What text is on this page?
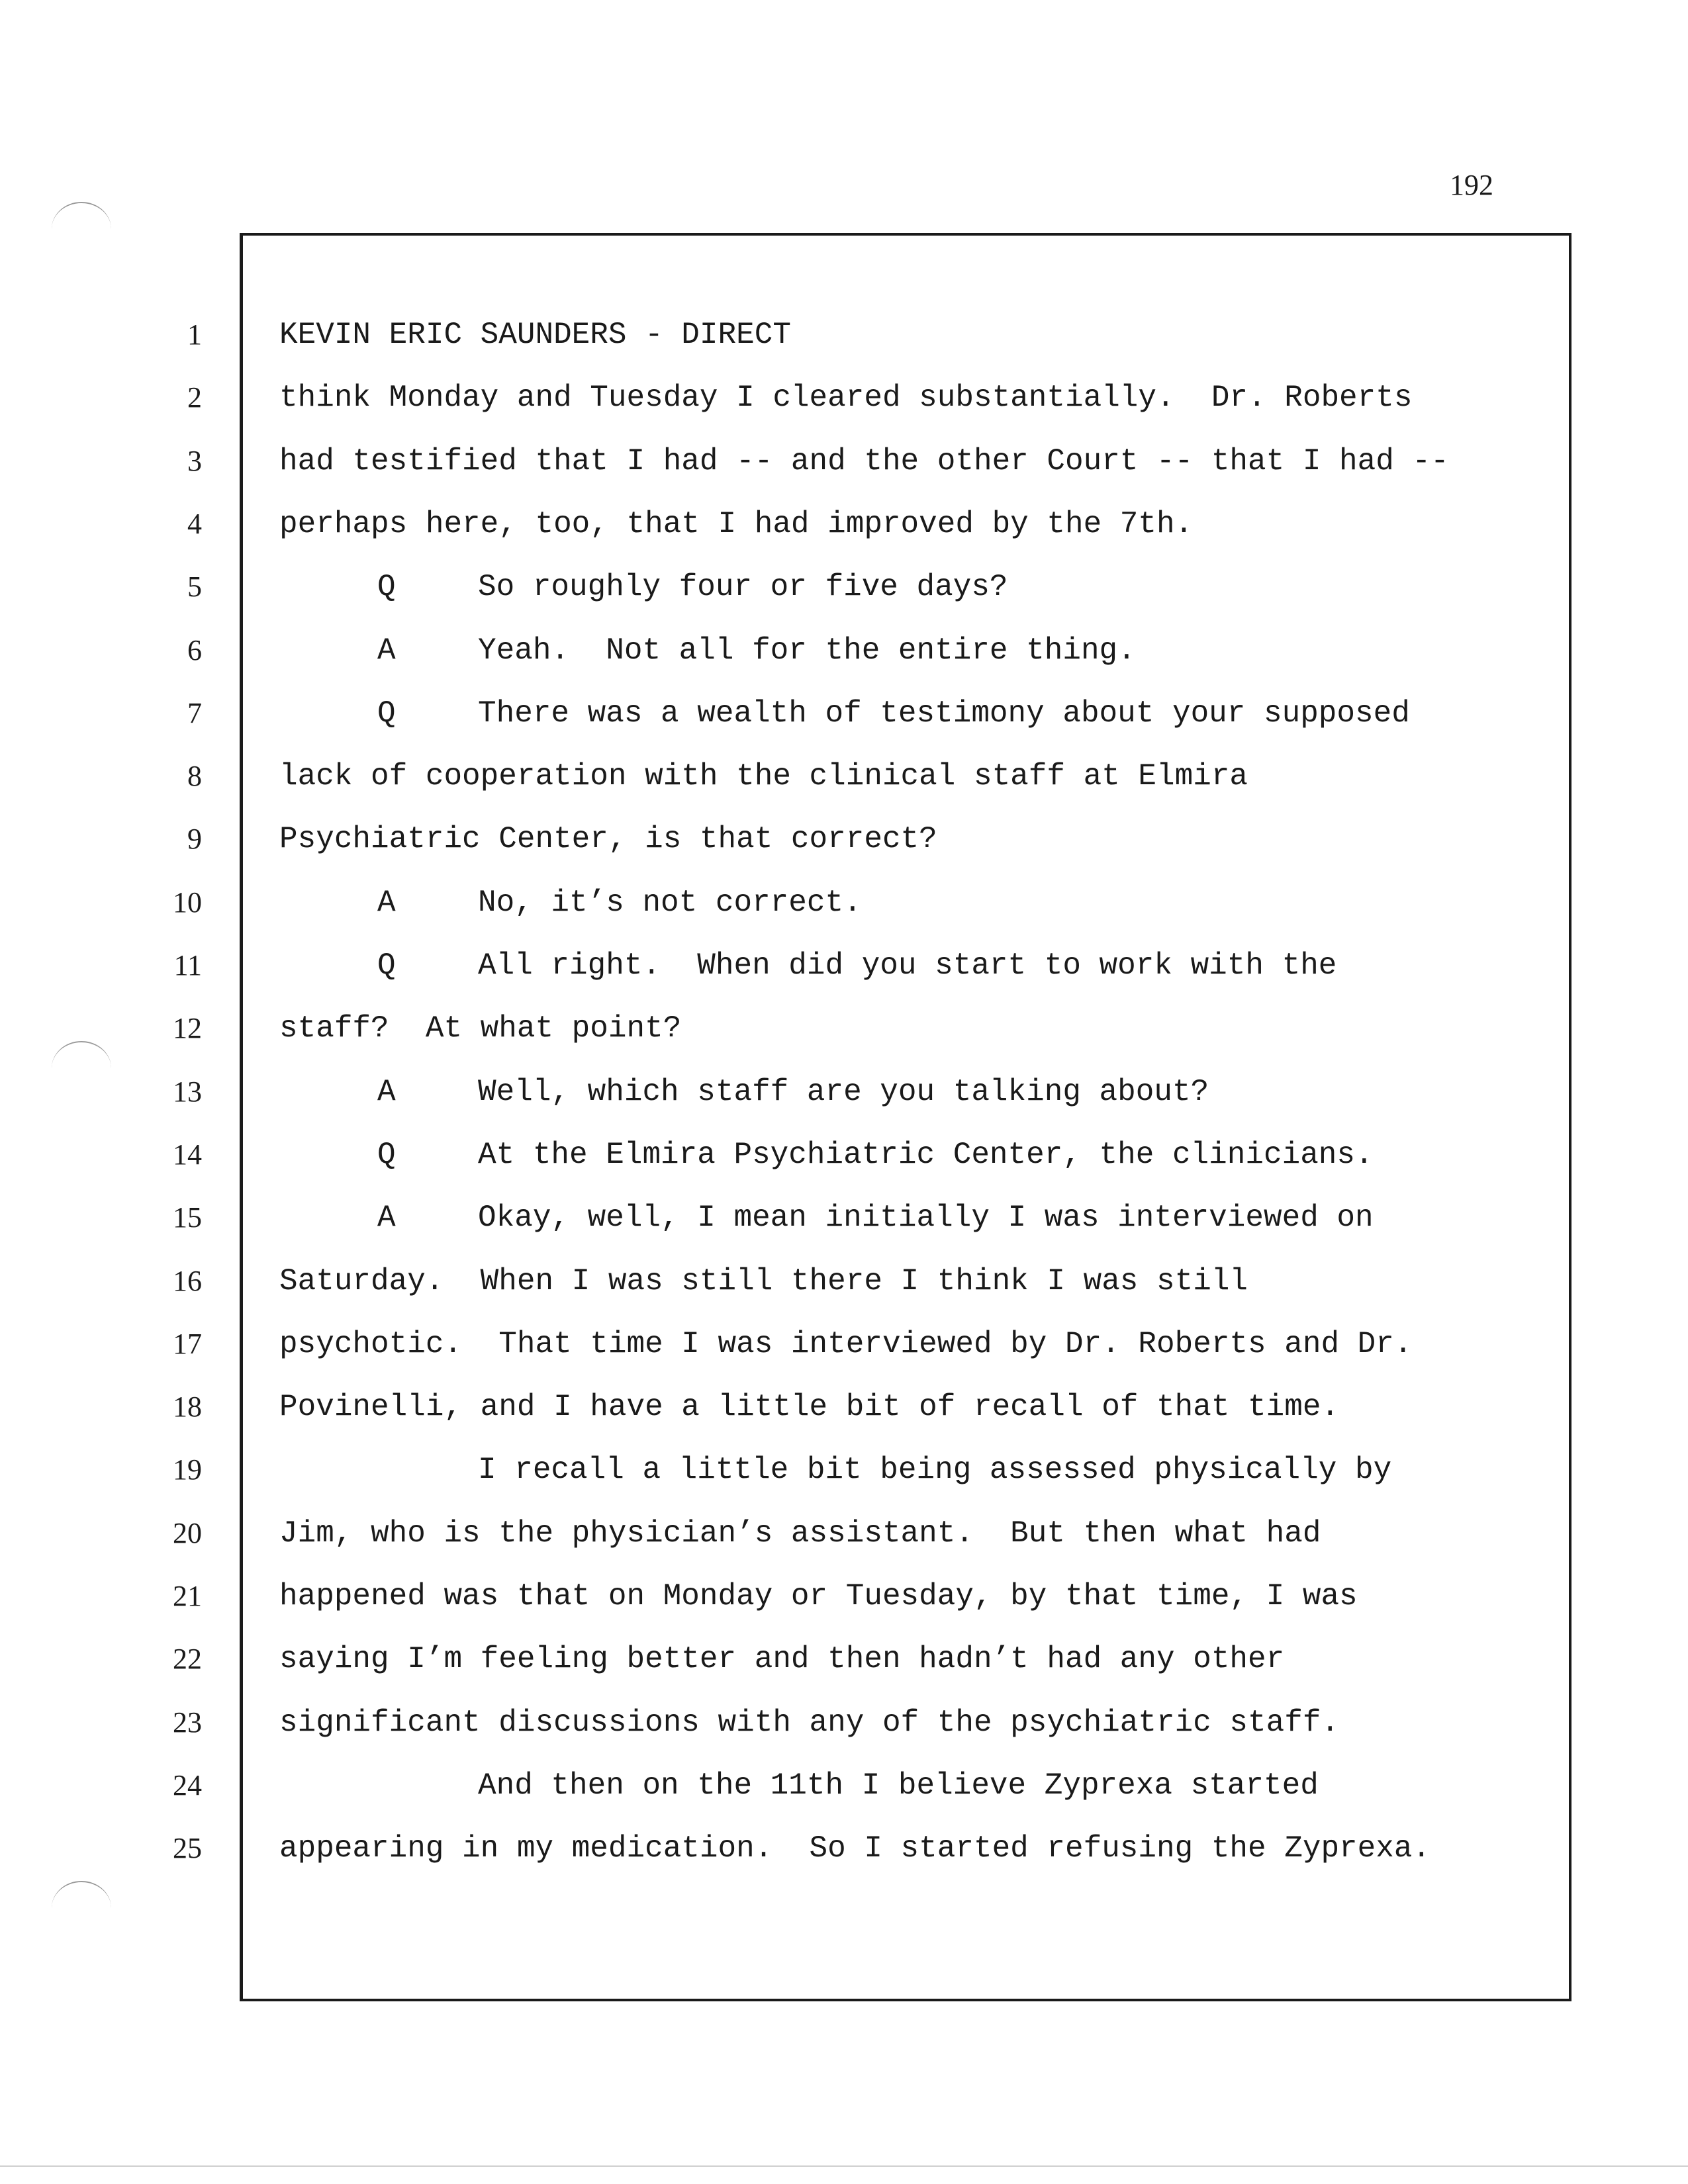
192
1	KEVIN ERIC SAUNDERS - DIRECT
2	think Monday and Tuesday I cleared substantially.  Dr. Roberts
3	had testified that I had -- and the other Court -- that I had --
4	perhaps here, too, that I had improved by the 7th.
5	Q	So roughly four or five days?
6	A	Yeah.  Not all for the entire thing.
7	Q	There was a wealth of testimony about your supposed
8	lack of cooperation with the clinical staff at Elmira
9	Psychiatric Center, is that correct?
10	A	No, it’s not correct.
11	Q	All right.  When did you start to work with the
12	staff?  At what point?
13	A	Well, which staff are you talking about?
14	Q	At the Elmira Psychiatric Center, the clinicians.
15	A	Okay, well, I mean initially I was interviewed on
16	Saturday.  When I was still there I think I was still
17	psychotic.  That time I was interviewed by Dr. Roberts and Dr.
18	Povinelli, and I have a little bit of recall of that time.
19	I recall a little bit being assessed physically by
20	Jim, who is the physician’s assistant.  But then what had
21	happened was that on Monday or Tuesday, by that time, I was
22	saying I’m feeling better and then hadn’t had any other
23	significant discussions with any of the psychiatric staff.
24	And then on the 11th I believe Zyprexa started
25	appearing in my medication.  So I started refusing the Zyprexa.
